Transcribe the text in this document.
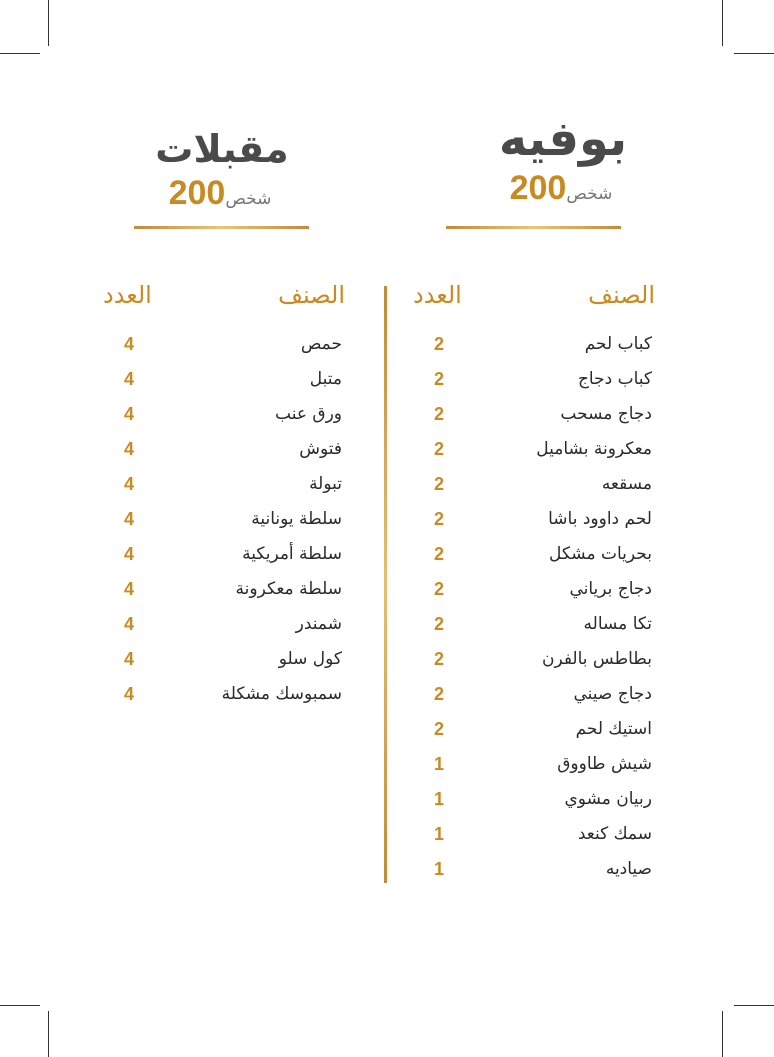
بوفيه
شخص200
الصنف
العدد
كباب لحم
2
كباب دجاج
2
دجاج مسحب
2
معكرونة بشاميل
2
مسقعه
2
لحم داوود باشا
2
بحريات مشكل
2
دجاج برياني
2
تكا مساله
2
بطاطس بالفرن
2
دجاج صيني
2
استيك لحم
2
شيش طاووق
1
ربيان مشوي
1
سمك كنعد
1
صياديه
1
مقبلات
شخص200
الصنف
العدد
حمص
4
متبل
4
ورق عنب
4
فتوش
4
تبولة
4
سلطة يونانية
4
سلطة أمريكية
4
سلطة معكرونة
4
شمندر
4
كول سلو
4
سمبوسك مشكلة
4
